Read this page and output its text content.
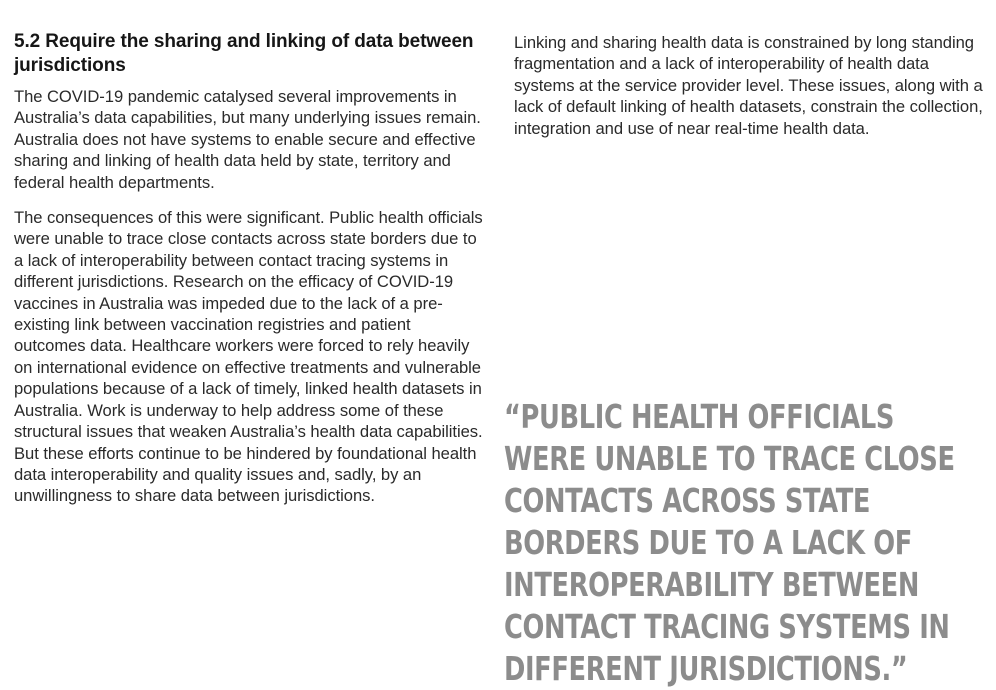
5.2 Require the sharing and linking of data between jurisdictions

The COVID-19 pandemic catalysed several improvements in Australia’s data capabilities, but many underlying issues remain. Australia does not have systems to enable secure and effective sharing and linking of health data held by state, territory and federal health departments.

The consequences of this were significant. Public health officials were unable to trace close contacts across state borders due to a lack of interoperability between contact tracing systems in different jurisdictions. Research on the efficacy of COVID-19 vaccines in Australia was impeded due to the lack of a pre-existing link between vaccination registries and patient outcomes data. Healthcare workers were forced to rely heavily on international evidence on effective treatments and vulnerable populations because of a lack of timely, linked health datasets in Australia. Work is underway to help address some of these structural issues that weaken Australia’s health data capabilities. But these efforts continue to be hindered by foundational health data interoperability and quality issues and, sadly, by an unwillingness to share data between jurisdictions.

Linking and sharing health data is constrained by long standing fragmentation and a lack of interoperability of health data systems at the service provider level. These issues, along with a lack of default linking of health datasets, constrain the collection, integration and use of near real-time health data.

“PUBLIC HEALTH OFFICIALS WERE UNABLE TO TRACE CLOSE CONTACTS ACROSS STATE BORDERS DUE TO A LACK OF INTEROPERABILITY BETWEEN CONTACT TRACING SYSTEMS IN DIFFERENT JURISDICTIONS.”
